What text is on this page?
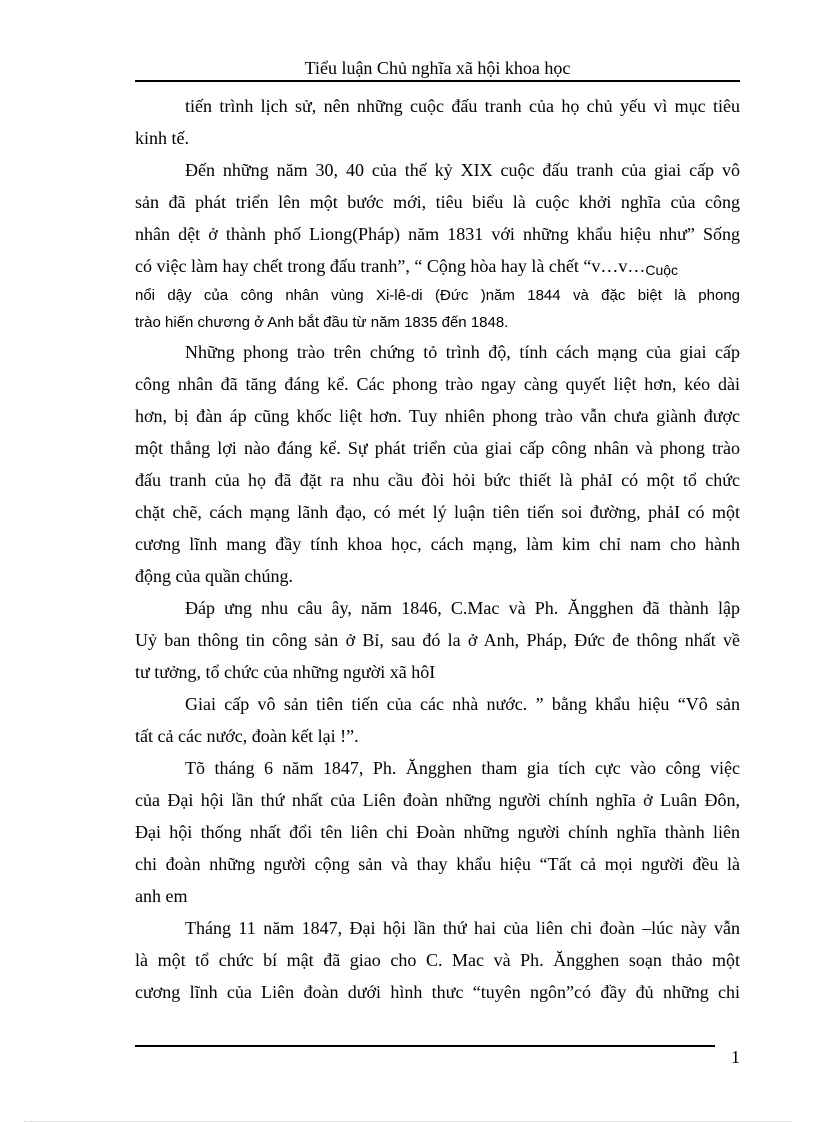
Tiểu luận Chủ nghĩa xã hội khoa học
tiến trình lịch sử, nên những cuộc đấu tranh của họ chủ yếu vì mục tiêu
kinh tế.
Đến những năm 30, 40 của thế kỷ XIX cuộc đấu tranh của giai cấp vô
sản đã phát triển lên một bước mới, tiêu biểu là cuộc khởi nghĩa của công
nhân dệt ở thành phố Liong(Pháp) năm 1831 với những khẩu hiệu như” Sống
có việc làm hay chết trong đấu tranh”, “ Cộng hòa hay là chết “v…v…Cuộc
nổi dậy của công nhân vùng Xi-lê-di (Đức )năm 1844 và đặc biệt là phong
trào hiến chương ở Anh bắt đầu từ năm 1835 đến 1848.
Những phong trào trên chứng tỏ trình độ, tính cách mạng của giai cấp
công nhân đã tăng đáng kể. Các phong trào ngay càng quyết liệt hơn, kéo dài
hơn, bị đàn áp cũng khốc liệt hơn. Tuy nhiên phong trào vẫn chưa giành được
một thắng lợi nào đáng kể. Sự phát triển của giai cấp công nhân và phong trào
đấu tranh của họ đã đặt ra nhu cầu đòi hỏi bức thiết là phảI có một tổ chức
chặt chẽ, cách mạng lãnh đạo, có mét lý luận tiên tiến soi đường, phảI có một
cương lĩnh mang đầy tính khoa học, cách mạng, làm kim chỉ nam cho hành
động của quần chúng.
Đáp ưng nhu câu ây, năm 1846, C.Mac và Ph. Ăngghen đã thành lập
Uỷ ban thông tin công sản ở Bỉ, sau đó la ở Anh, Pháp, Đức đe thông nhất về
tư tưởng, tổ chức của những người xã hôI
Giai cấp vô sản tiên tiến của các nhà nước. ” bằng khẩu hiệu “Vô sản
tất cả các nước, đoàn kết lại !”.
Tõ tháng 6 năm 1847, Ph. Ăngghen tham gia tích cực vào công việc
của Đại hội lần thứ nhất của Liên đoàn những người chính nghĩa ở Luân Đôn,
Đại hội thống nhất đổi tên liên chi Đoàn những người chính nghĩa thành liên
chi đoàn những người cộng sản và thay khẩu hiệu “Tất cả mọi người đều là
anh em
Tháng 11 năm 1847, Đại hội lần thứ hai của liên chi đoàn –lúc này vẫn
là một tổ chức bí mật đã giao cho C. Mac và Ph. Ăngghen soạn thảo một
cương lĩnh của Liên đoàn dưới hình thưc “tuyên ngôn”có đầy đủ những chi
1
